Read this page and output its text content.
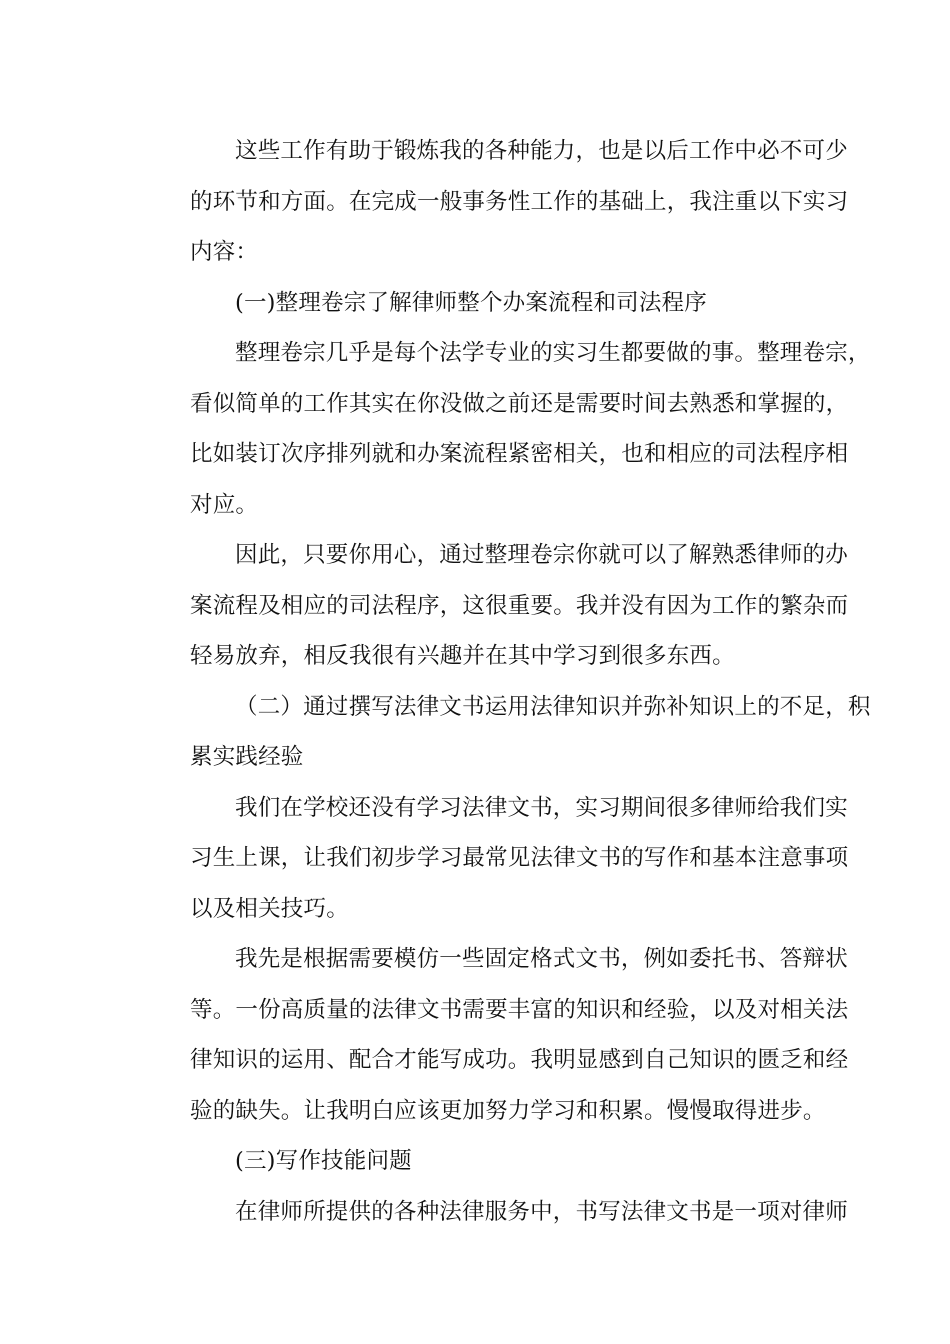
这些工作有助于锻炼我的各种能力，也是以后工作中必不可少
的环节和方面。在完成一般事务性工作的基础上，我注重以下实习
内容：
(一)整理卷宗了解律师整个办案流程和司法程序
整理卷宗几乎是每个法学专业的实习生都要做的事。整理卷宗，
看似简单的工作其实在你没做之前还是需要时间去熟悉和掌握的，
比如装订次序排列就和办案流程紧密相关，也和相应的司法程序相
对应。
因此，只要你用心，通过整理卷宗你就可以了解熟悉律师的办
案流程及相应的司法程序，这很重要。我并没有因为工作的繁杂而
轻易放弃，相反我很有兴趣并在其中学习到很多东西。
（二）通过撰写法律文书运用法律知识并弥补知识上的不足，积
累实践经验
我们在学校还没有学习法律文书，实习期间很多律师给我们实
习生上课，让我们初步学习最常见法律文书的写作和基本注意事项
以及相关技巧。
我先是根据需要模仿一些固定格式文书，例如委托书、答辩状
等。一份高质量的法律文书需要丰富的知识和经验，以及对相关法
律知识的运用、配合才能写成功。我明显感到自己知识的匮乏和经
验的缺失。让我明白应该更加努力学习和积累。慢慢取得进步。
(三)写作技能问题
在律师所提供的各种法律服务中，书写法律文书是一项对律师
